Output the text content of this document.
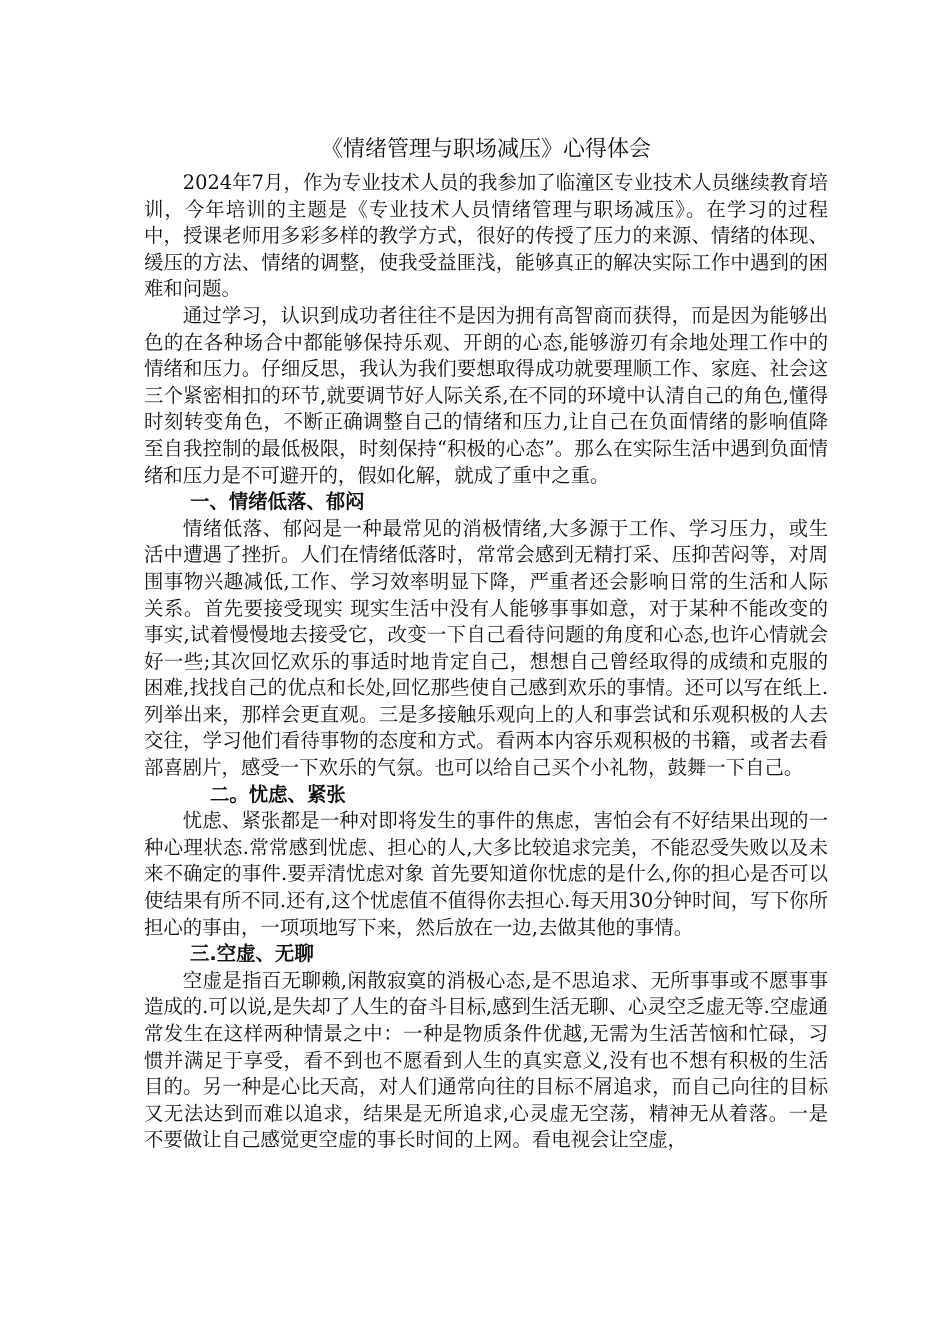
《情绪管理与职场减压》心得体会

2024年7月，作为专业技术人员的我参加了临潼区专业技术人员继续教育培训，今年培训的主题是《专业技术人员情绪管理与职场减压》。在学习的过程中，授课老师用多彩多样的教学方式，很好的传授了压力的来源、情绪的体现、缓压的方法、情绪的调整，使我受益匪浅，能够真正的解决实际工作中遇到的困难和问题。

通过学习，认识到成功者往往不是因为拥有高智商而获得，而是因为能够出色的在各种场合中都能够保持乐观、开朗的心态,能够游刃有余地处理工作中的情绪和压力。仔细反思，我认为我们要想取得成功就要理顺工作、家庭、社会这三个紧密相扣的环节,就要调节好人际关系,在不同的环境中认清自己的角色,懂得时刻转变角色，不断正确调整自己的情绪和压力,让自己在负面情绪的影响值降至自我控制的最低极限，时刻保持“积极的心态”。那么在实际生活中遇到负面情绪和压力是不可避开的，假如化解，就成了重中之重。

一、情绪低落、郁闷

情绪低落、郁闷是一种最常见的消极情绪,大多源于工作、学习压力，或生活中遭遇了挫折。人们在情绪低落时，常常会感到无精打采、压抑苦闷等，对周围事物兴趣减低,工作、学习效率明显下降，严重者还会影响日常的生活和人际关系。首先要接受现实 现实生活中没有人能够事事如意，对于某种不能改变的事实,试着慢慢地去接受它，改变一下自己看待问题的角度和心态,也许心情就会好一些;其次回忆欢乐的事适时地肯定自己，想想自己曾经取得的成绩和克服的困难,找找自己的优点和长处,回忆那些使自己感到欢乐的事情。还可以写在纸上.列举出来，那样会更直观。三是多接触乐观向上的人和事尝试和乐观积极的人去交往，学习他们看待事物的态度和方式。看两本内容乐观积极的书籍，或者去看部喜剧片，感受一下欢乐的气氛。也可以给自己买个小礼物，鼓舞一下自己。

二。忧虑、紧张

忧虑、紧张都是一种对即将发生的事件的焦虑，害怕会有不好结果出现的一种心理状态.常常感到忧虑、担心的人,大多比较追求完美，不能忍受失败以及未来不确定的事件.要弄清忧虑对象 首先要知道你忧虑的是什么,你的担心是否可以使结果有所不同.还有,这个忧虑值不值得你去担心.每天用30分钟时间，写下你所担心的事由，一项项地写下来，然后放在一边,去做其他的事情。

三.空虚、无聊

空虚是指百无聊赖,闲散寂寞的消极心态,是不思追求、无所事事或不愿事事造成的.可以说,是失却了人生的奋斗目标,感到生活无聊、心灵空乏虚无等.空虚通常发生在这样两种情景之中：一种是物质条件优越,无需为生活苦恼和忙碌，习惯并满足于享受，看不到也不愿看到人生的真实意义,没有也不想有积极的生活目的。另一种是心比天高，对人们通常向往的目标不屑追求，而自己向往的目标又无法达到而难以追求，结果是无所追求,心灵虚无空荡，精神无从着落。一是不要做让自己感觉更空虚的事长时间的上网。看电视会让空虚，
